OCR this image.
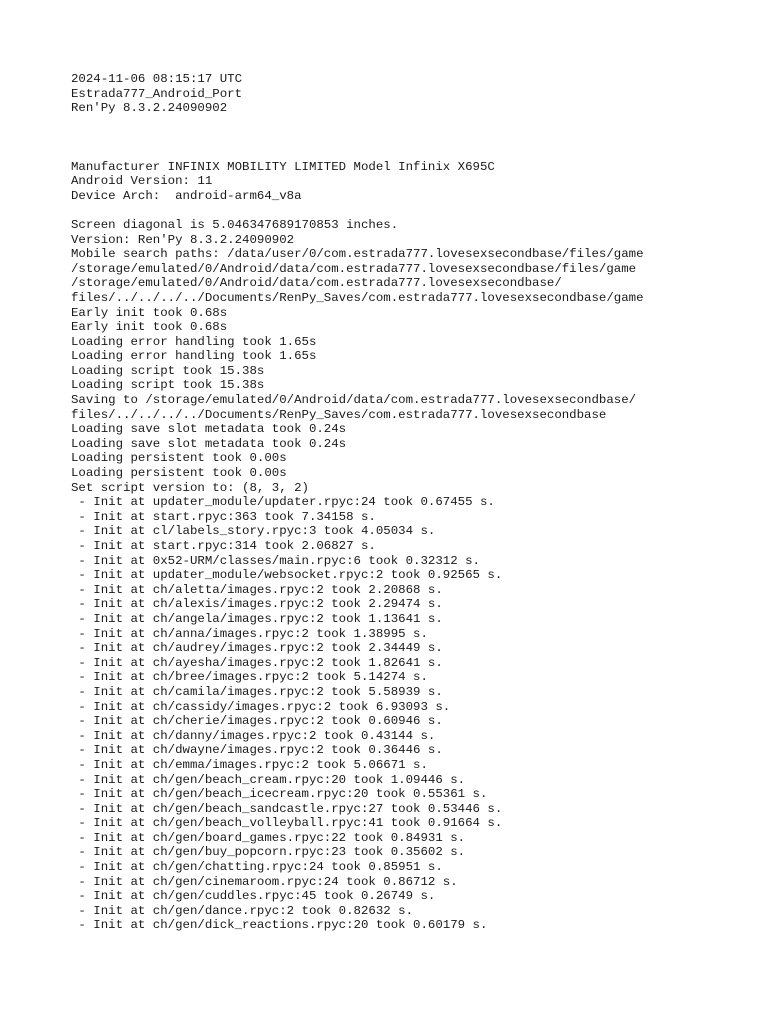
2024-11-06 08:15:17 UTC
Estrada777_Android_Port
Ren'Py 8.3.2.24090902
Manufacturer INFINIX MOBILITY LIMITED Model Infinix X695C
Android Version: 11
Device Arch:  android-arm64_v8a
Screen diagonal is 5.046347689170853 inches.
Version: Ren'Py 8.3.2.24090902
Mobile search paths: /data/user/0/com.estrada777.lovesexsecondbase/files/game
/storage/emulated/0/Android/data/com.estrada777.lovesexsecondbase/files/game
/storage/emulated/0/Android/data/com.estrada777.lovesexsecondbase/
files/../../../../Documents/RenPy_Saves/com.estrada777.lovesexsecondbase/game
Early init took 0.68s
Early init took 0.68s
Loading error handling took 1.65s
Loading error handling took 1.65s
Loading script took 15.38s
Loading script took 15.38s
Saving to /storage/emulated/0/Android/data/com.estrada777.lovesexsecondbase/
files/../../../../Documents/RenPy_Saves/com.estrada777.lovesexsecondbase
Loading save slot metadata took 0.24s
Loading save slot metadata took 0.24s
Loading persistent took 0.00s
Loading persistent took 0.00s
Set script version to: (8, 3, 2)
- Init at updater_module/updater.rpyc:24 took 0.67455 s.
- Init at start.rpyc:363 took 7.34158 s.
- Init at cl/labels_story.rpyc:3 took 4.05034 s.
- Init at start.rpyc:314 took 2.06827 s.
- Init at 0x52-URM/classes/main.rpyc:6 took 0.32312 s.
- Init at updater_module/websocket.rpyc:2 took 0.92565 s.
- Init at ch/aletta/images.rpyc:2 took 2.20868 s.
- Init at ch/alexis/images.rpyc:2 took 2.29474 s.
- Init at ch/angela/images.rpyc:2 took 1.13641 s.
- Init at ch/anna/images.rpyc:2 took 1.38995 s.
- Init at ch/audrey/images.rpyc:2 took 2.34449 s.
- Init at ch/ayesha/images.rpyc:2 took 1.82641 s.
- Init at ch/bree/images.rpyc:2 took 5.14274 s.
- Init at ch/camila/images.rpyc:2 took 5.58939 s.
- Init at ch/cassidy/images.rpyc:2 took 6.93093 s.
- Init at ch/cherie/images.rpyc:2 took 0.60946 s.
- Init at ch/danny/images.rpyc:2 took 0.43144 s.
- Init at ch/dwayne/images.rpyc:2 took 0.36446 s.
- Init at ch/emma/images.rpyc:2 took 5.06671 s.
- Init at ch/gen/beach_cream.rpyc:20 took 1.09446 s.
- Init at ch/gen/beach_icecream.rpyc:20 took 0.55361 s.
- Init at ch/gen/beach_sandcastle.rpyc:27 took 0.53446 s.
- Init at ch/gen/beach_volleyball.rpyc:41 took 0.91664 s.
- Init at ch/gen/board_games.rpyc:22 took 0.84931 s.
- Init at ch/gen/buy_popcorn.rpyc:23 took 0.35602 s.
- Init at ch/gen/chatting.rpyc:24 took 0.85951 s.
- Init at ch/gen/cinemaroom.rpyc:24 took 0.86712 s.
- Init at ch/gen/cuddles.rpyc:45 took 0.26749 s.
- Init at ch/gen/dance.rpyc:2 took 0.82632 s.
- Init at ch/gen/dick_reactions.rpyc:20 took 0.60179 s.
